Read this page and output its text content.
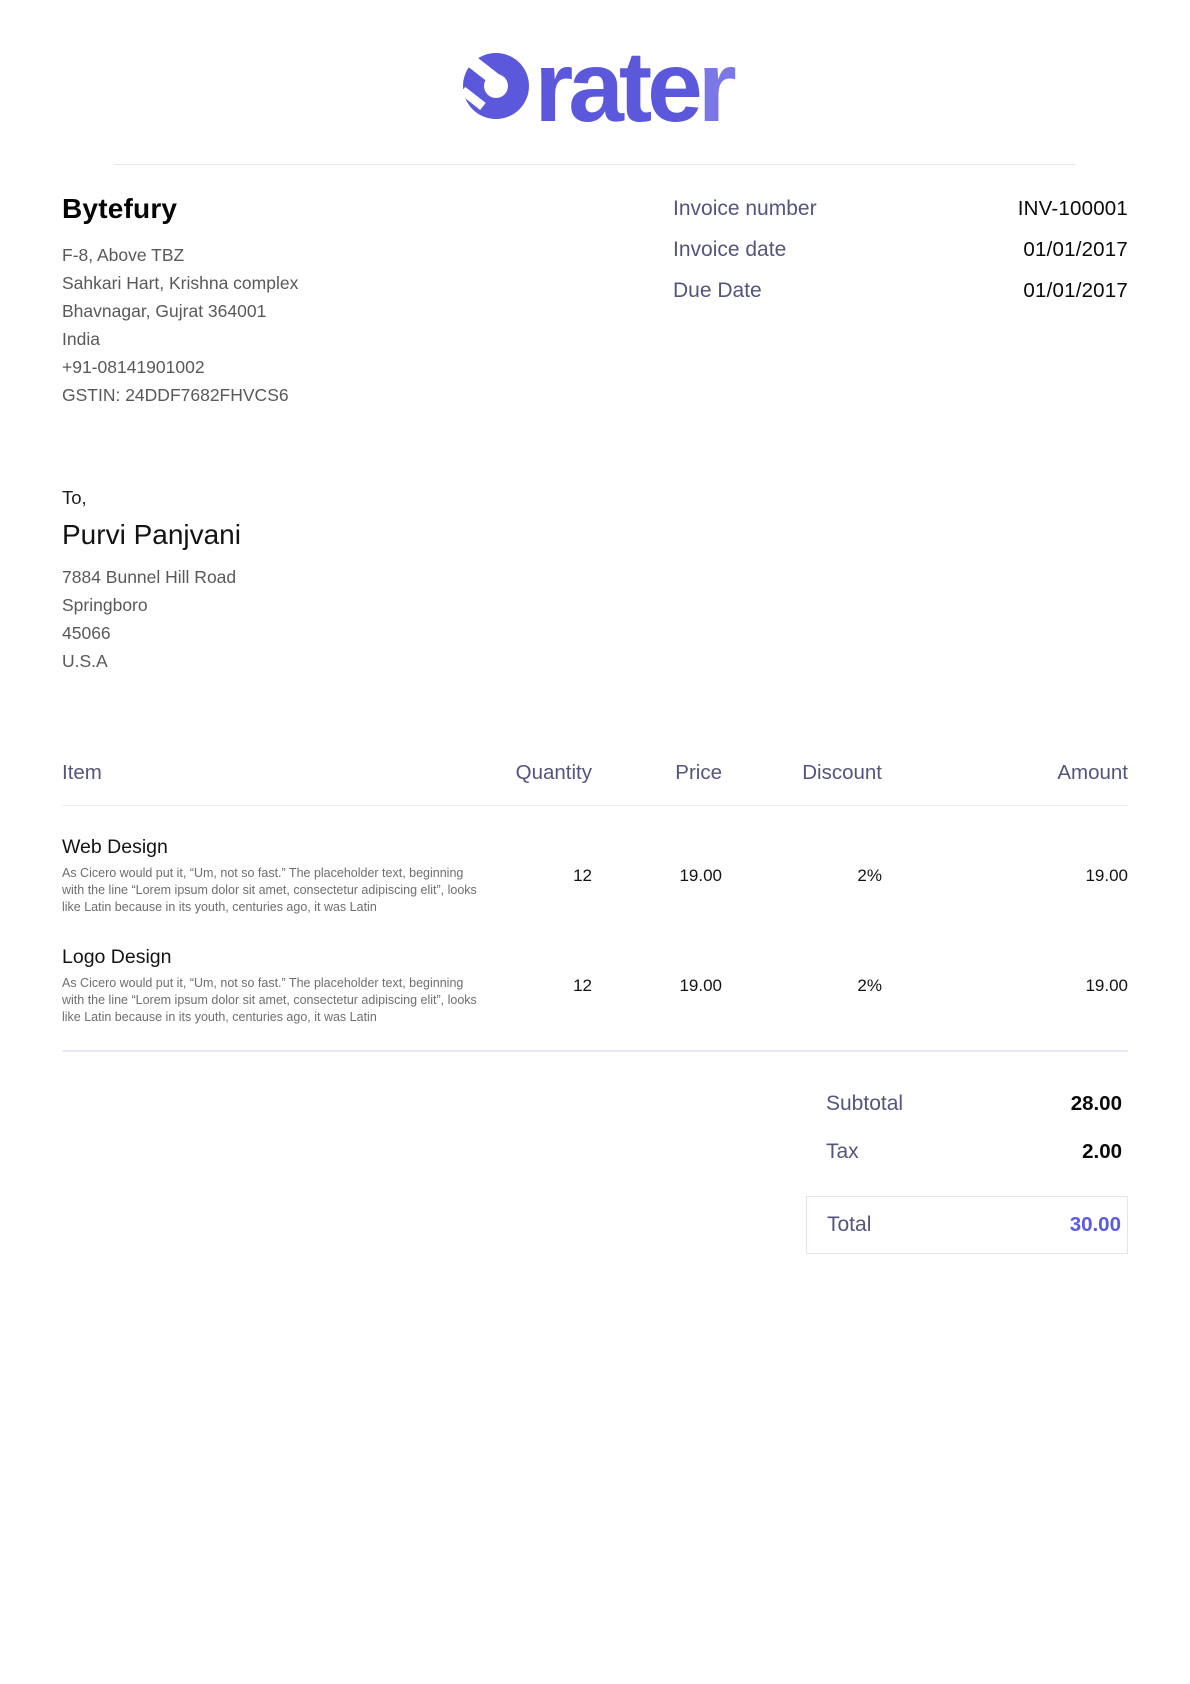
rater
Bytefury
F-8, Above TBZ
Sahkari Hart, Krishna complex
Bhavnagar, Gujrat 364001
India
+91-08141901002
GSTIN: 24DDF7682FHVCS6
Invoice number	INV-100001
Invoice date	01/01/2017
Due Date	01/01/2017
To,
Purvi Panjvani
7884 Bunnel Hill Road
Springboro
45066
U.S.A
Item	Quantity	Price	Discount	Amount

Web Design
As Cicero would put it, “Um, not so fast.” The placeholder text, beginning with the line “Lorem ipsum dolor sit amet, consectetur adipiscing elit”, looks like Latin because in its youth, centuries ago, it was Latin	12	19.00	2%	19.00

Logo Design
As Cicero would put it, “Um, not so fast.” The placeholder text, beginning with the line “Lorem ipsum dolor sit amet, consectetur adipiscing elit”, looks like Latin because in its youth, centuries ago, it was Latin	12	19.00	2%	19.00
Subtotal	28.00
Tax	2.00
Total	30.00
